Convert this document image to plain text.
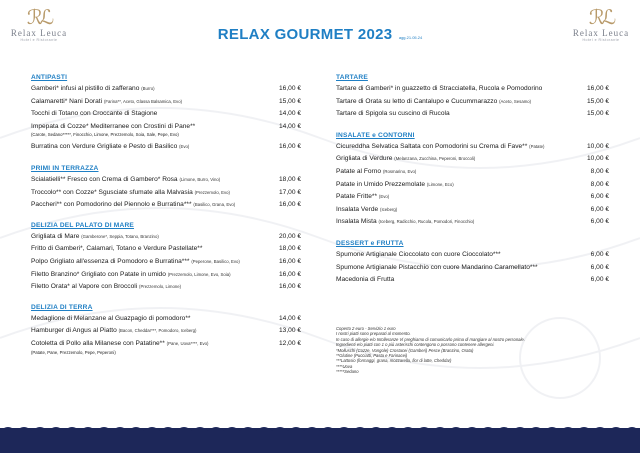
ℛℒ
Relax Leuca
Hotel e Ristorante
ℛℒ
Relax Leuca
Hotel e Ristorante
RELAX GOURMET 2023 agg.21.05.24
ANTIPASTI
Gamberi* infusi al pistillo di zafferano (Burro)	16,00 €
Calamaretti* Nani Dorati (Farina**, Aceto, Glassa Balsamica, Evo)	15,00 €
Tocchi di Totano con Croccante di Stagione	14,00 €
Impepata di Cozze* Mediterranee con Crostini di Pane**	14,00 €
(Carote, Sedano*****, Finocchio, Limone, Prezzemolo, Soia, Sale, Pepe, Evo)
Burratina con Verdure Grigliate e Pesto di Basilico (Evo)	16,00 €
PRIMI IN TERRAZZA
Scialatielli** Fresco con Crema di Gambero* Rosa (Limone, Burro, Vino)	18,00 €
Troccolo** con Cozze* Sgusciate sfumate alla Malvasia (Prezzemolo, Evo)	17,00 €
Paccheri** con Pomodorino del Piennolo e Burratina*** (Basilico, Grana, Evo)	16,00 €
DELIZIA DEL PALATO DI MARE
Grigliata di Mare (Gamberone*, Seppia, Totano, Branzino)	20,00 €
Fritto di Gamberi*, Calamari, Totano e Verdure Pastellate**	18,00 €
Polpo Grigliato all'essenza di Pomodoro e Burratina*** (Peperone, Basilico, Evo)	16,00 €
Filetto Branzino* Grigliato con Patate in umido (Prezzemolo, Limone, Evo, Soia)	16,00 €
Filetto Orata* al Vapore con Broccoli (Prezzemolo, Limone)	16,00 €
DELIZIA DI TERRA
Medaglione di Melanzane al Guazpagio di pomodoro**	14,00 €
Hamburger di Angus al Piatto (Bacon, Cheddar***, Pomodoro, Iceberg)	13,00 €
Cotoletta di Pollo alla Milanese con Patatine** (Pane, Uova****, Evo)	12,00 €
(Patate, Pane, Prezzemolo, Pepe, Peperoni)
TARTARE
Tartare di Gamberi* in guazzetto di Stracciatella, Rucola e Pomodorino	16,00 €
Tartare di Orata su letto di Cantalupo e Cucummarazzo (Aceto, Sesamo)	15,00 €
Tartare di Spigola su cuscino di Rucola	15,00 €
INSALATE e CONTORNI
Cicureddha Selvatica Saltata con Pomodorini su Crema di Fave** (Patate)	10,00 €
Grigliata di Verdure (Melanzana, Zucchina, Peperoni, Broccoli)	10,00 €
Patate al Forno (Rosmarino, Evo)	8,00 €
Patate in Umido Prezzemolate (Limone, Eco)	8,00 €
Patate Fritte** (Evo)	6,00 €
Insalata Verde (Iceberg)	6,00 €
Insalata Mista (Iceberg, Radicchio, Rucola, Pomodori, Finocchio)	6,00 €
DESSERT e FRUTTA
Spumone Artigianale Cioccolato con cuore Cioccolato***	6,00 €
Spumone Artigianale Pistacchio con cuore Mandarino Caramellato***	6,00 €
Macedonia di Frutta	6,00 €
Coperto 2 euro - Servizio 1 euro
I nostri piatti sono preparati al momento.
In caso di allergie e/o Intolleranze Vi preghiamo di comunicarlo prima di mangiare al nostro personale.
Ingredienti e/o piatti con 1 o più asterischi contengono o possono contenere allergeni.
*Molluschi (Cozze, Vongole) Crostacei (Gamberi) Pesce (Branzino, Orata)
**Glutine (Pucciatti, Pasta e Farinacei)
***Lattosio (formaggi, grana, mozzarella, fior di latte, Cheddar)
****Uova
*****Sedano
